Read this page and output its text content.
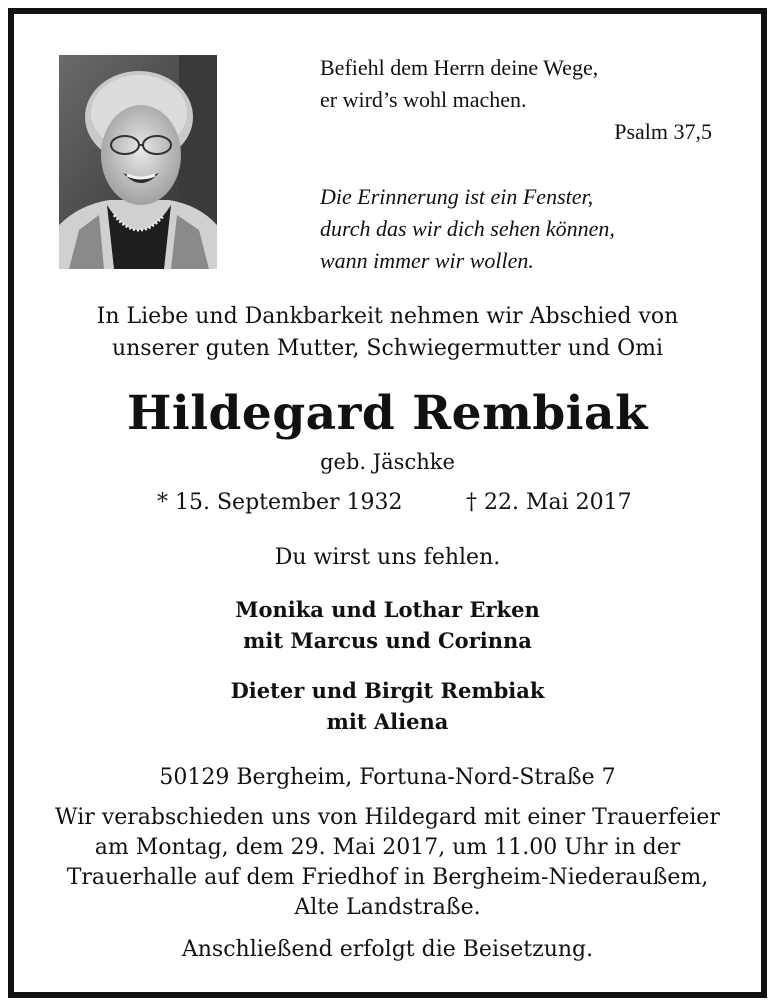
Befiehl dem Herrn deine Wege,
er wird’s wohl machen.
Psalm 37,5
Die Erinnerung ist ein Fenster,
durch das wir dich sehen können,
wann immer wir wollen.
In Liebe und Dankbarkeit nehmen wir Abschied von
unserer guten Mutter, Schwiegermutter und Omi
Hildegard Rembiak
geb. Jäschke
* 15. September 1932	† 22. Mai 2017
Du wirst uns fehlen.
Monika und Lothar Erken
mit Marcus und Corinna
Dieter und Birgit Rembiak
mit Aliena
50129 Bergheim, Fortuna-Nord-Straße 7
Wir verabschieden uns von Hildegard mit einer Trauerfeier
am Montag, dem 29. Mai 2017, um 11.00 Uhr in der
Trauerhalle auf dem Friedhof in Bergheim-Niederaußem,
Alte Landstraße.
Anschließend erfolgt die Beisetzung.
